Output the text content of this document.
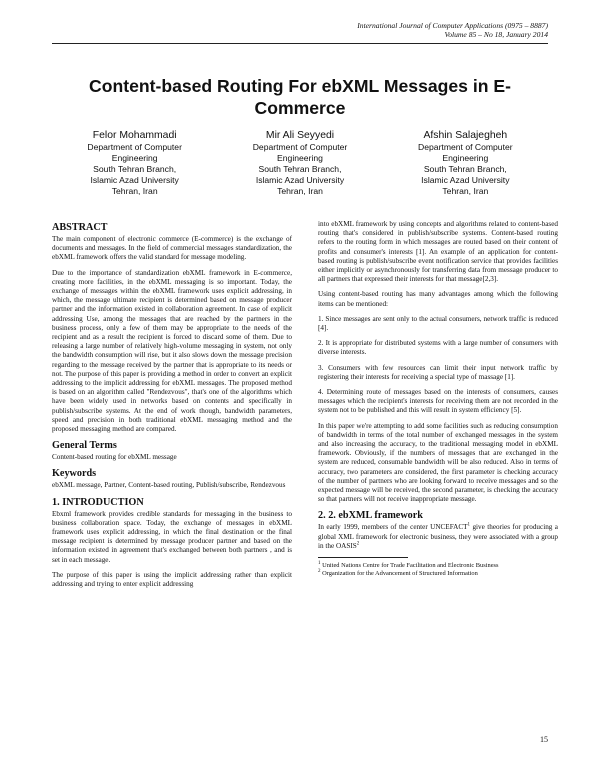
International Journal of Computer Applications (0975 – 8887)
Volume 85 – No 18, January 2014
Content-based Routing For ebXML Messages in E-
Commerce
Felor Mohammadi
Department of Computer
Engineering
South Tehran Branch,
Islamic Azad University
Tehran, Iran
Mir Ali Seyyedi
Department of Computer
Engineering
South Tehran Branch,
Islamic Azad University
Tehran, Iran
Afshin Salajegheh
Department of Computer
Engineering
South Tehran Branch,
Islamic Azad University
Tehran, Iran
ABSTRACT

The main component of electronic commerce (E-commerce) is the exchange of documents and messages. In the field of commercial messages standardization, the ebXML framework offers the valid standard for message modeling.

Due to the importance of standardization ebXML framework in E-commerce, creating more facilities, in the ebXML messaging is so important. Today, the exchange of messages within the ebXML framework uses explicit addressing, in which, the message ultimate recipient is determined based on message producer partner and the information existed in collaboration agreement. In case of explicit addressing Use, among the messages that are reached by the partners in the business process, only a few of them may be appropriate to the needs of the recipient and as a result the recipient is forced to discard some of them. Due to releasing a large number of relatively high-volume messaging in system, not only the bandwidth consumption will rise, but it also slows down the message precision regarding to the message received by the partner that is appropriate to its needs or not. The purpose of this paper is providing a method in order to convert an explicit addressing to the implicit addressing for ebXML messages. The proposed method is based on an algorithm called "Rendezvous", that's one of the algorithms which have been widely used in networks based on contents and specifically in publish/subscribe systems. At the end of work though, bandwidth parameters, speed and precision in both traditional ebXML messaging method and the proposed messaging method are compared.

General Terms

Content-based routing for ebXML message

Keywords

ebXML message, Partner, Content-based routing, Publish/subscribe, Rendezvous

1. INTRODUCTION

Ebxml framework provides credible standards for messaging in the business to business collaboration space. Today, the exchange of messages in ebXML framework uses explicit addressing, in which the final destination or the final message recipient is determined by message producer partner and based on the information existed in agreement that's exchanged between both partners , and is set in each message.

The purpose of this paper is using the implicit addressing rather than explicit addressing and trying to enter explicit addressing

into ebXML framework by using concepts and algorithms related to content-based routing that's considered in publish/subscribe systems. Content-based routing refers to the routing form in which messages are routed based on their content of profits and consumer's interests [1]. An example of an application for content-based routing is publish/subscribe event notification service that provides facilities either implicitly or asynchronously for transferring data from message producer to all partners that expressed their interests for that message[2,3].

Using content-based routing has many advantages among which the following items can be mentioned:

1. Since messages are sent only to the actual consumers, network traffic is reduced [4].

2. It is appropriate for distributed systems with a large number of consumers with diverse interests.

3. Consumers with few resources can limit their input network traffic by registering their interests for receiving a special type of massage [1].

4. Determining route of messages based on the interests of consumers, causes messages which the recipient's interests for receiving them are not recorded in the system not to be published and this will result in system efficiency [5].

In this paper we're attempting to add some facilities such as reducing consumption of bandwidth in terms of the total number of exchanged messages in the system and also increasing the accuracy, to the traditional messaging model in ebXML framework. Obviously, if the numbers of messages that are exchanged in the system are reduced, consumable bandwidth will be also reduced. Also in terms of accuracy, two parameters are considered, the first parameter is checking accuracy of the number of partners who are looking forward to receive messages and so the expected message will be received, the second parameter, is checking the accuracy so that partners will not receive inappropriate message.

2. 2. ebXML framework

In early 1999, members of the center UNCEFACT$^1$ give theories for producing a global XML framework for electronic business, they were associated with a group in the OASIS$^2$

$^1$ United Nations Centre for Trade Facilitation and Electronic Business

$^2$ Organization for the Advancement of Structured Information

15
